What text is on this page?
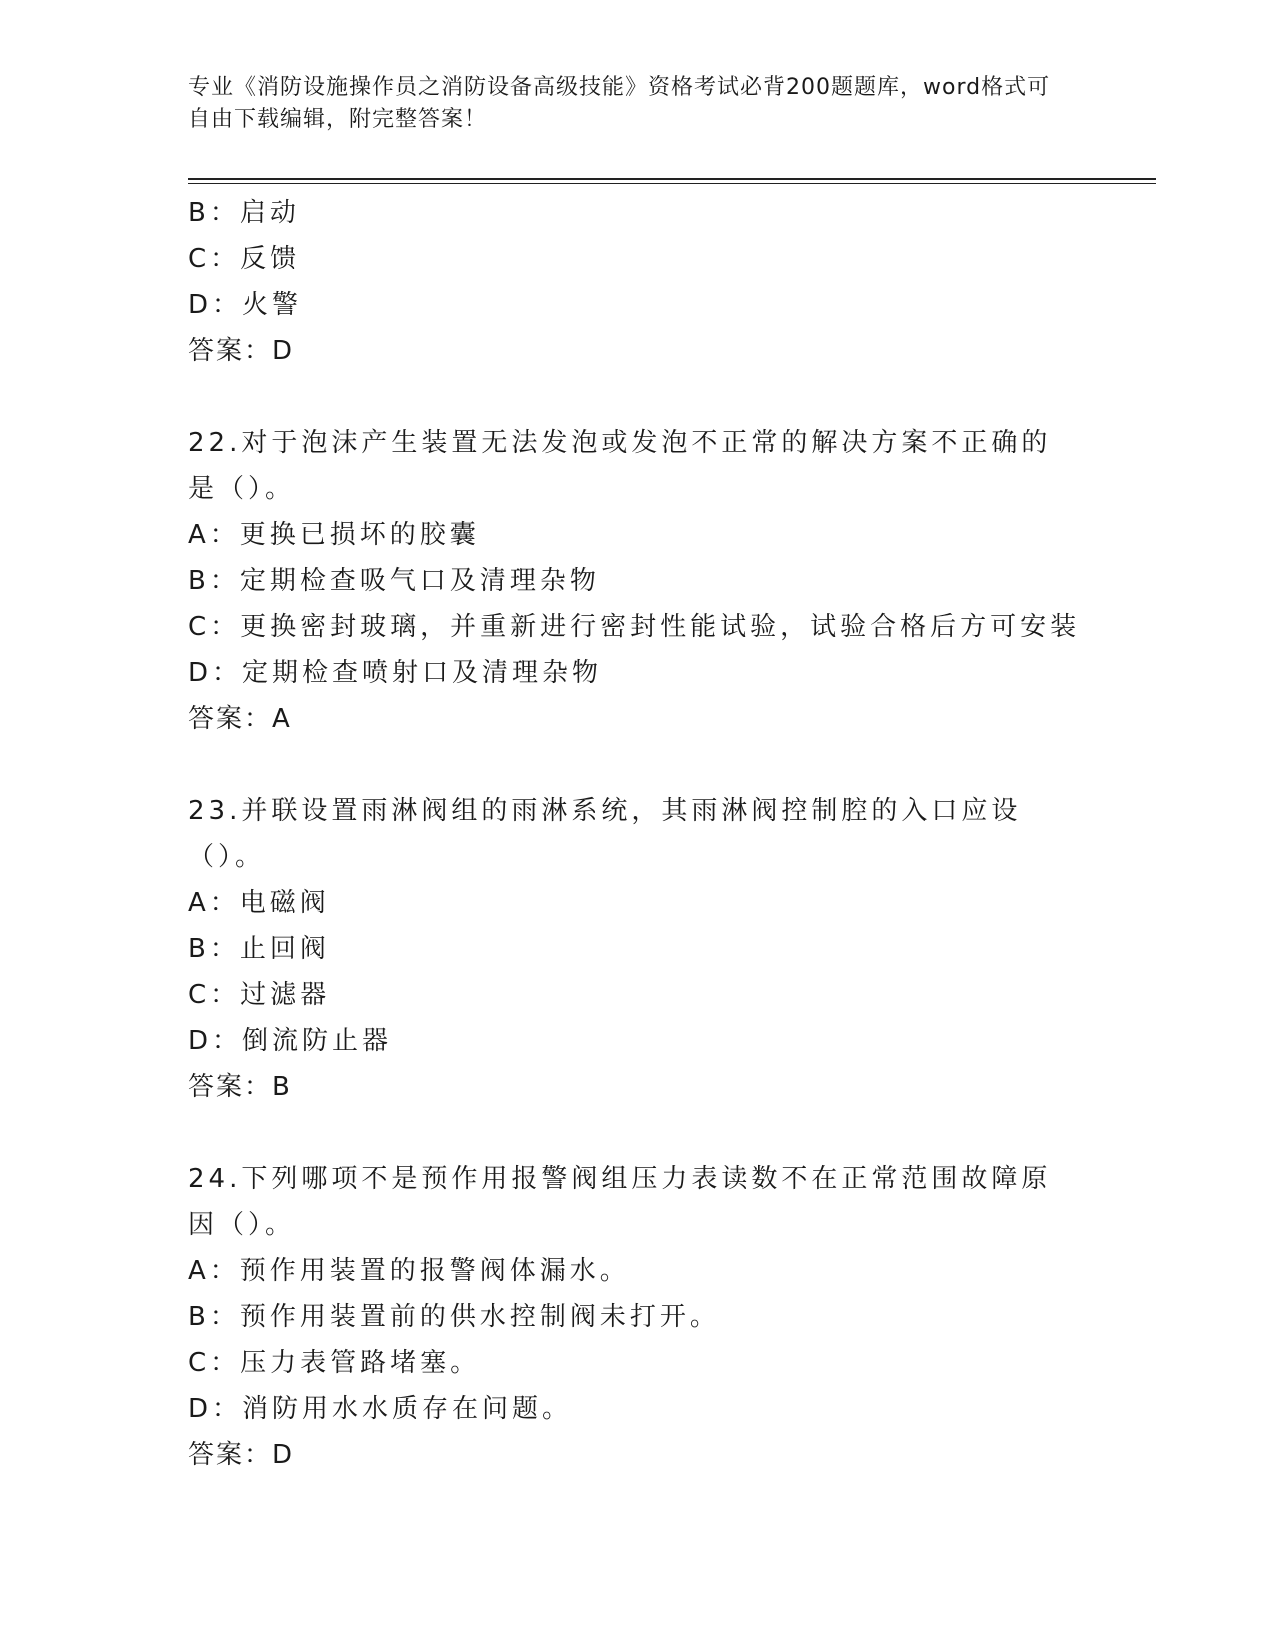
专业《消防设施操作员之消防设备高级技能》资格考试必背200题题库，word格式可自由下载编辑，附完整答案！
B：启动
C：反馈
D：火警
答案：D
22.对于泡沫产生装置无法发泡或发泡不正常的解决方案不正确的是（）。
A：更换已损坏的胶囊
B：定期检查吸气口及清理杂物
C：更换密封玻璃，并重新进行密封性能试验，试验合格后方可安装
D：定期检查喷射口及清理杂物
答案：A
23.并联设置雨淋阀组的雨淋系统，其雨淋阀控制腔的入口应设（）。
A：电磁阀
B：止回阀
C：过滤器
D：倒流防止器
答案：B
24.下列哪项不是预作用报警阀组压力表读数不在正常范围故障原因（）。
A：预作用装置的报警阀体漏水。
B：预作用装置前的供水控制阀未打开。
C：压力表管路堵塞。
D：消防用水水质存在问题。
答案：D
